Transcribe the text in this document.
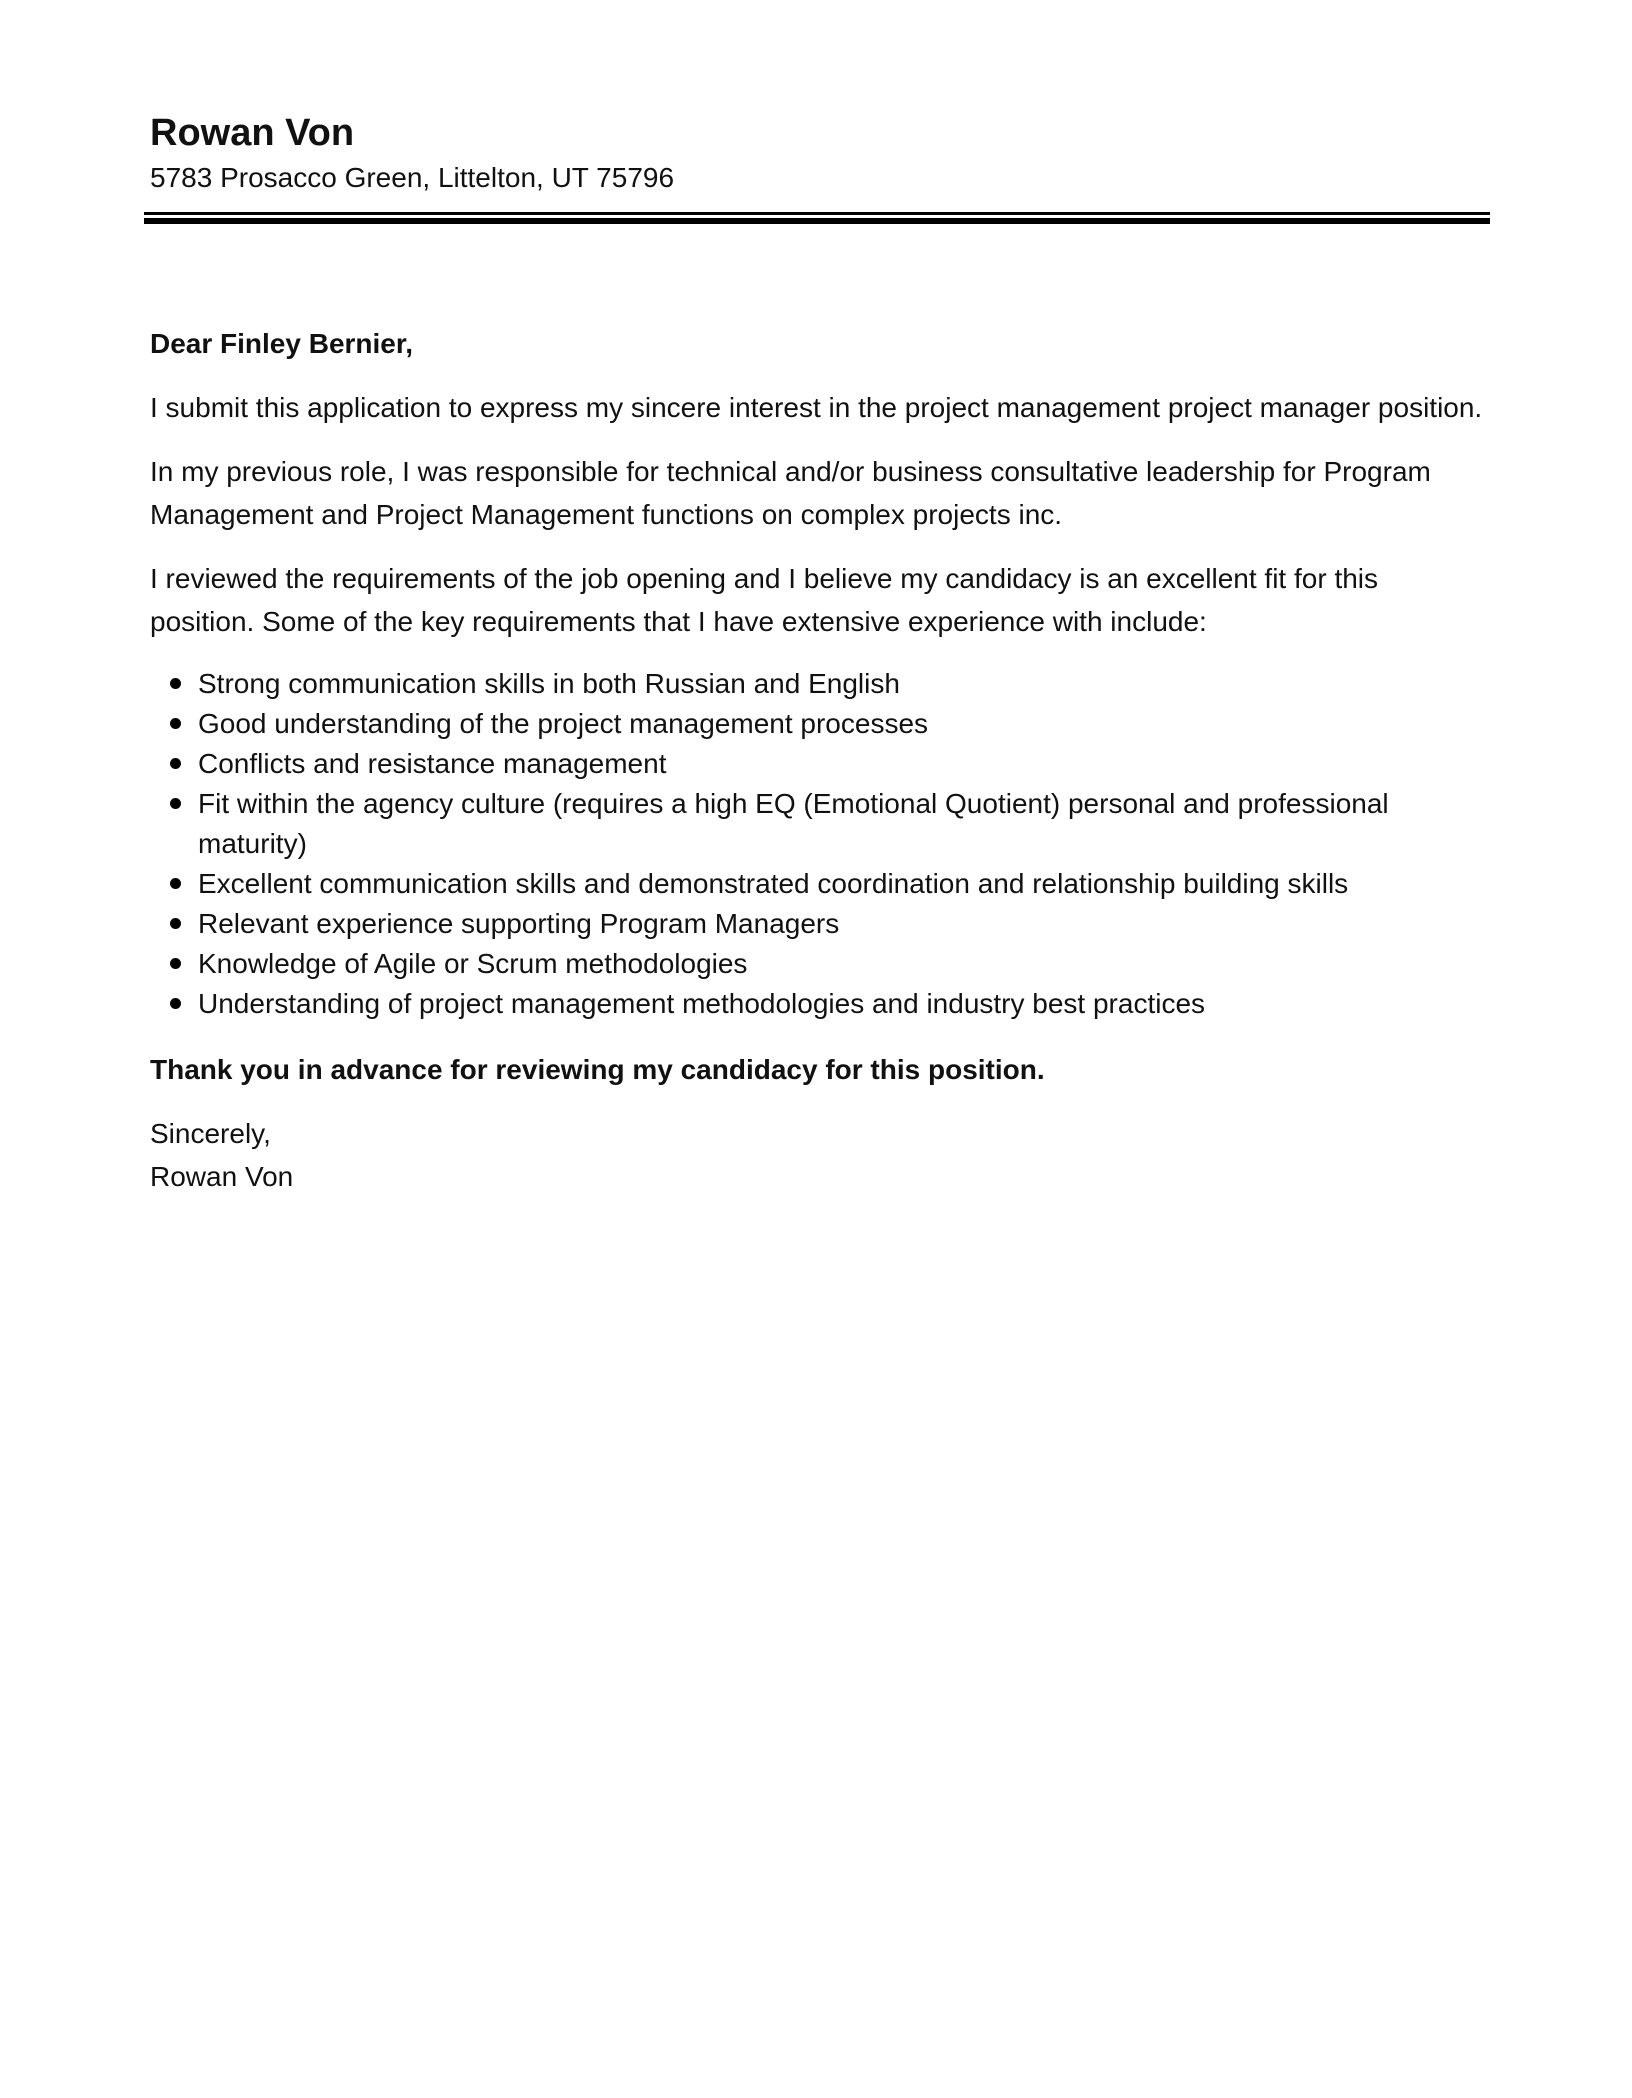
Rowan Von

5783 Prosacco Green, Littelton, UT 75796

Dear Finley Bernier,

I submit this application to express my sincere interest in the project management project manager position.

In my previous role, I was responsible for technical and/or business consultative leadership for Program Management and Project Management functions on complex projects inc.

I reviewed the requirements of the job opening and I believe my candidacy is an excellent fit for this position. Some of the key requirements that I have extensive experience with include:

Strong communication skills in both Russian and English
Good understanding of the project management processes
Conflicts and resistance management
Fit within the agency culture (requires a high EQ (Emotional Quotient) personal and professional maturity)
Excellent communication skills and demonstrated coordination and relationship building skills
Relevant experience supporting Program Managers
Knowledge of Agile or Scrum methodologies
Understanding of project management methodologies and industry best practices

Thank you in advance for reviewing my candidacy for this position.

Sincerely,

Rowan Von
